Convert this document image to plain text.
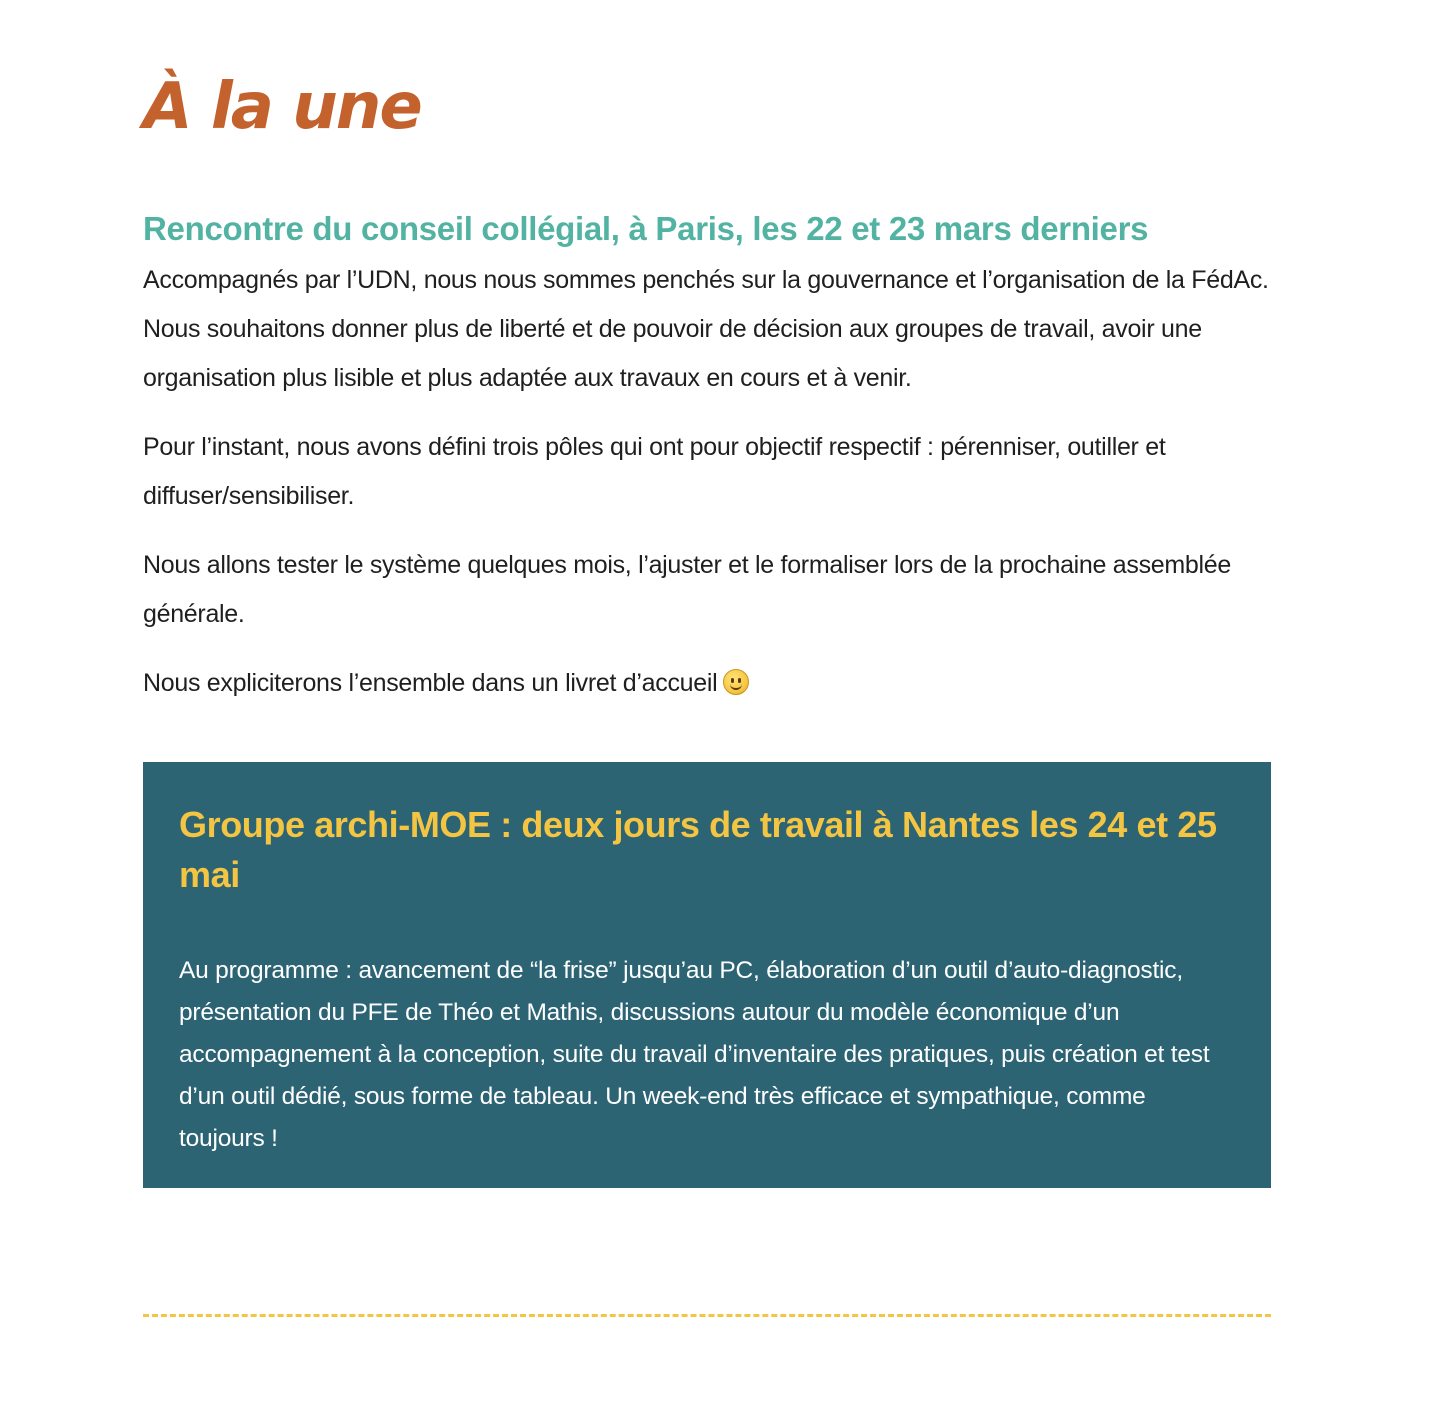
À la une
Rencontre du conseil collégial, à Paris, les 22 et 23 mars derniers

Accompagnés par l’UDN, nous nous sommes penchés sur la gouvernance et l’organisation de la FédAc. Nous souhaitons donner plus de liberté et de pouvoir de décision aux groupes de travail, avoir une organisation plus lisible et plus adaptée aux travaux en cours et à venir.

Pour l’instant, nous avons défini trois pôles qui ont pour objectif respectif : pérenniser, outiller et diffuser/sensibiliser.

Nous allons tester le système quelques mois, l’ajuster et le formaliser lors de la prochaine assemblée générale.

Nous expliciterons l’ensemble dans un livret d’accueil

Groupe archi-MOE : deux jours de travail à Nantes les 24 et 25 mai

Au programme : avancement de “la frise” jusqu’au PC, élaboration d’un outil d’auto-diagnostic, présentation du PFE de Théo et Mathis, discussions autour du modèle économique d’un accompagnement à la conception, suite du travail d’inventaire des pratiques, puis création et test d’un outil dédié, sous forme de tableau. Un week-end très efficace et sympathique, comme toujours !
